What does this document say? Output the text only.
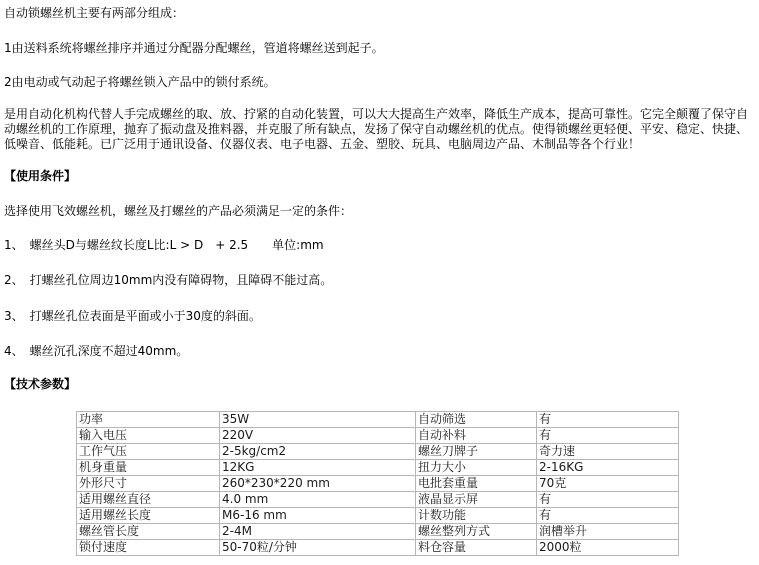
自动锁螺丝机主要有两部分组成：

1由送料系统将螺丝排序并通过分配器分配螺丝，管道将螺丝送到起子。

2由电动或气动起子将螺丝锁入产品中的锁付系统。

是用自动化机构代替人手完成螺丝的取、放、拧紧的自动化装置，可以大大提高生产效率，降低生产成本，提高可靠性。它完全颠覆了保守自动螺丝机的工作原理，抛弃了振动盘及推料器，并克服了所有缺点，发扬了保守自动螺丝机的优点。使得锁螺丝更轻便、平安、稳定、快捷、低噪音、低能耗。已广泛用于通讯设备、仪器仪表、电子电器、五金、塑胶、玩具、电脑周边产品、木制品等各个行业！

【使用条件】

选择使用飞效螺丝机，螺丝及打螺丝的产品必须满足一定的条件：

1、　螺丝头D与螺丝纹长度L比:L > D　+ 2.5　　单位:mm

2、　打螺丝孔位周边10mm内没有障碍物，且障碍不能过高。

3、　打螺丝孔位表面是平面或小于30度的斜面。

4、　螺丝沉孔深度不超过40mm。

【技术参数】

功率	35W	自动筛选	有
输入电压	220V	自动补料	有
工作气压	2-5kg/cm2	螺丝刀牌子	奇力速
机身重量	12KG	扭力大小	2-16KG
外形尺寸	260*230*220 mm	电批套重量	70克
适用螺丝直径	4.0 mm	液晶显示屏	有
适用螺丝长度	M6-16 mm	计数功能	有
螺丝管长度	2-4M	螺丝整列方式	润槽举升
锁付速度	50-70粒/分钟	料仓容量	2000粒
